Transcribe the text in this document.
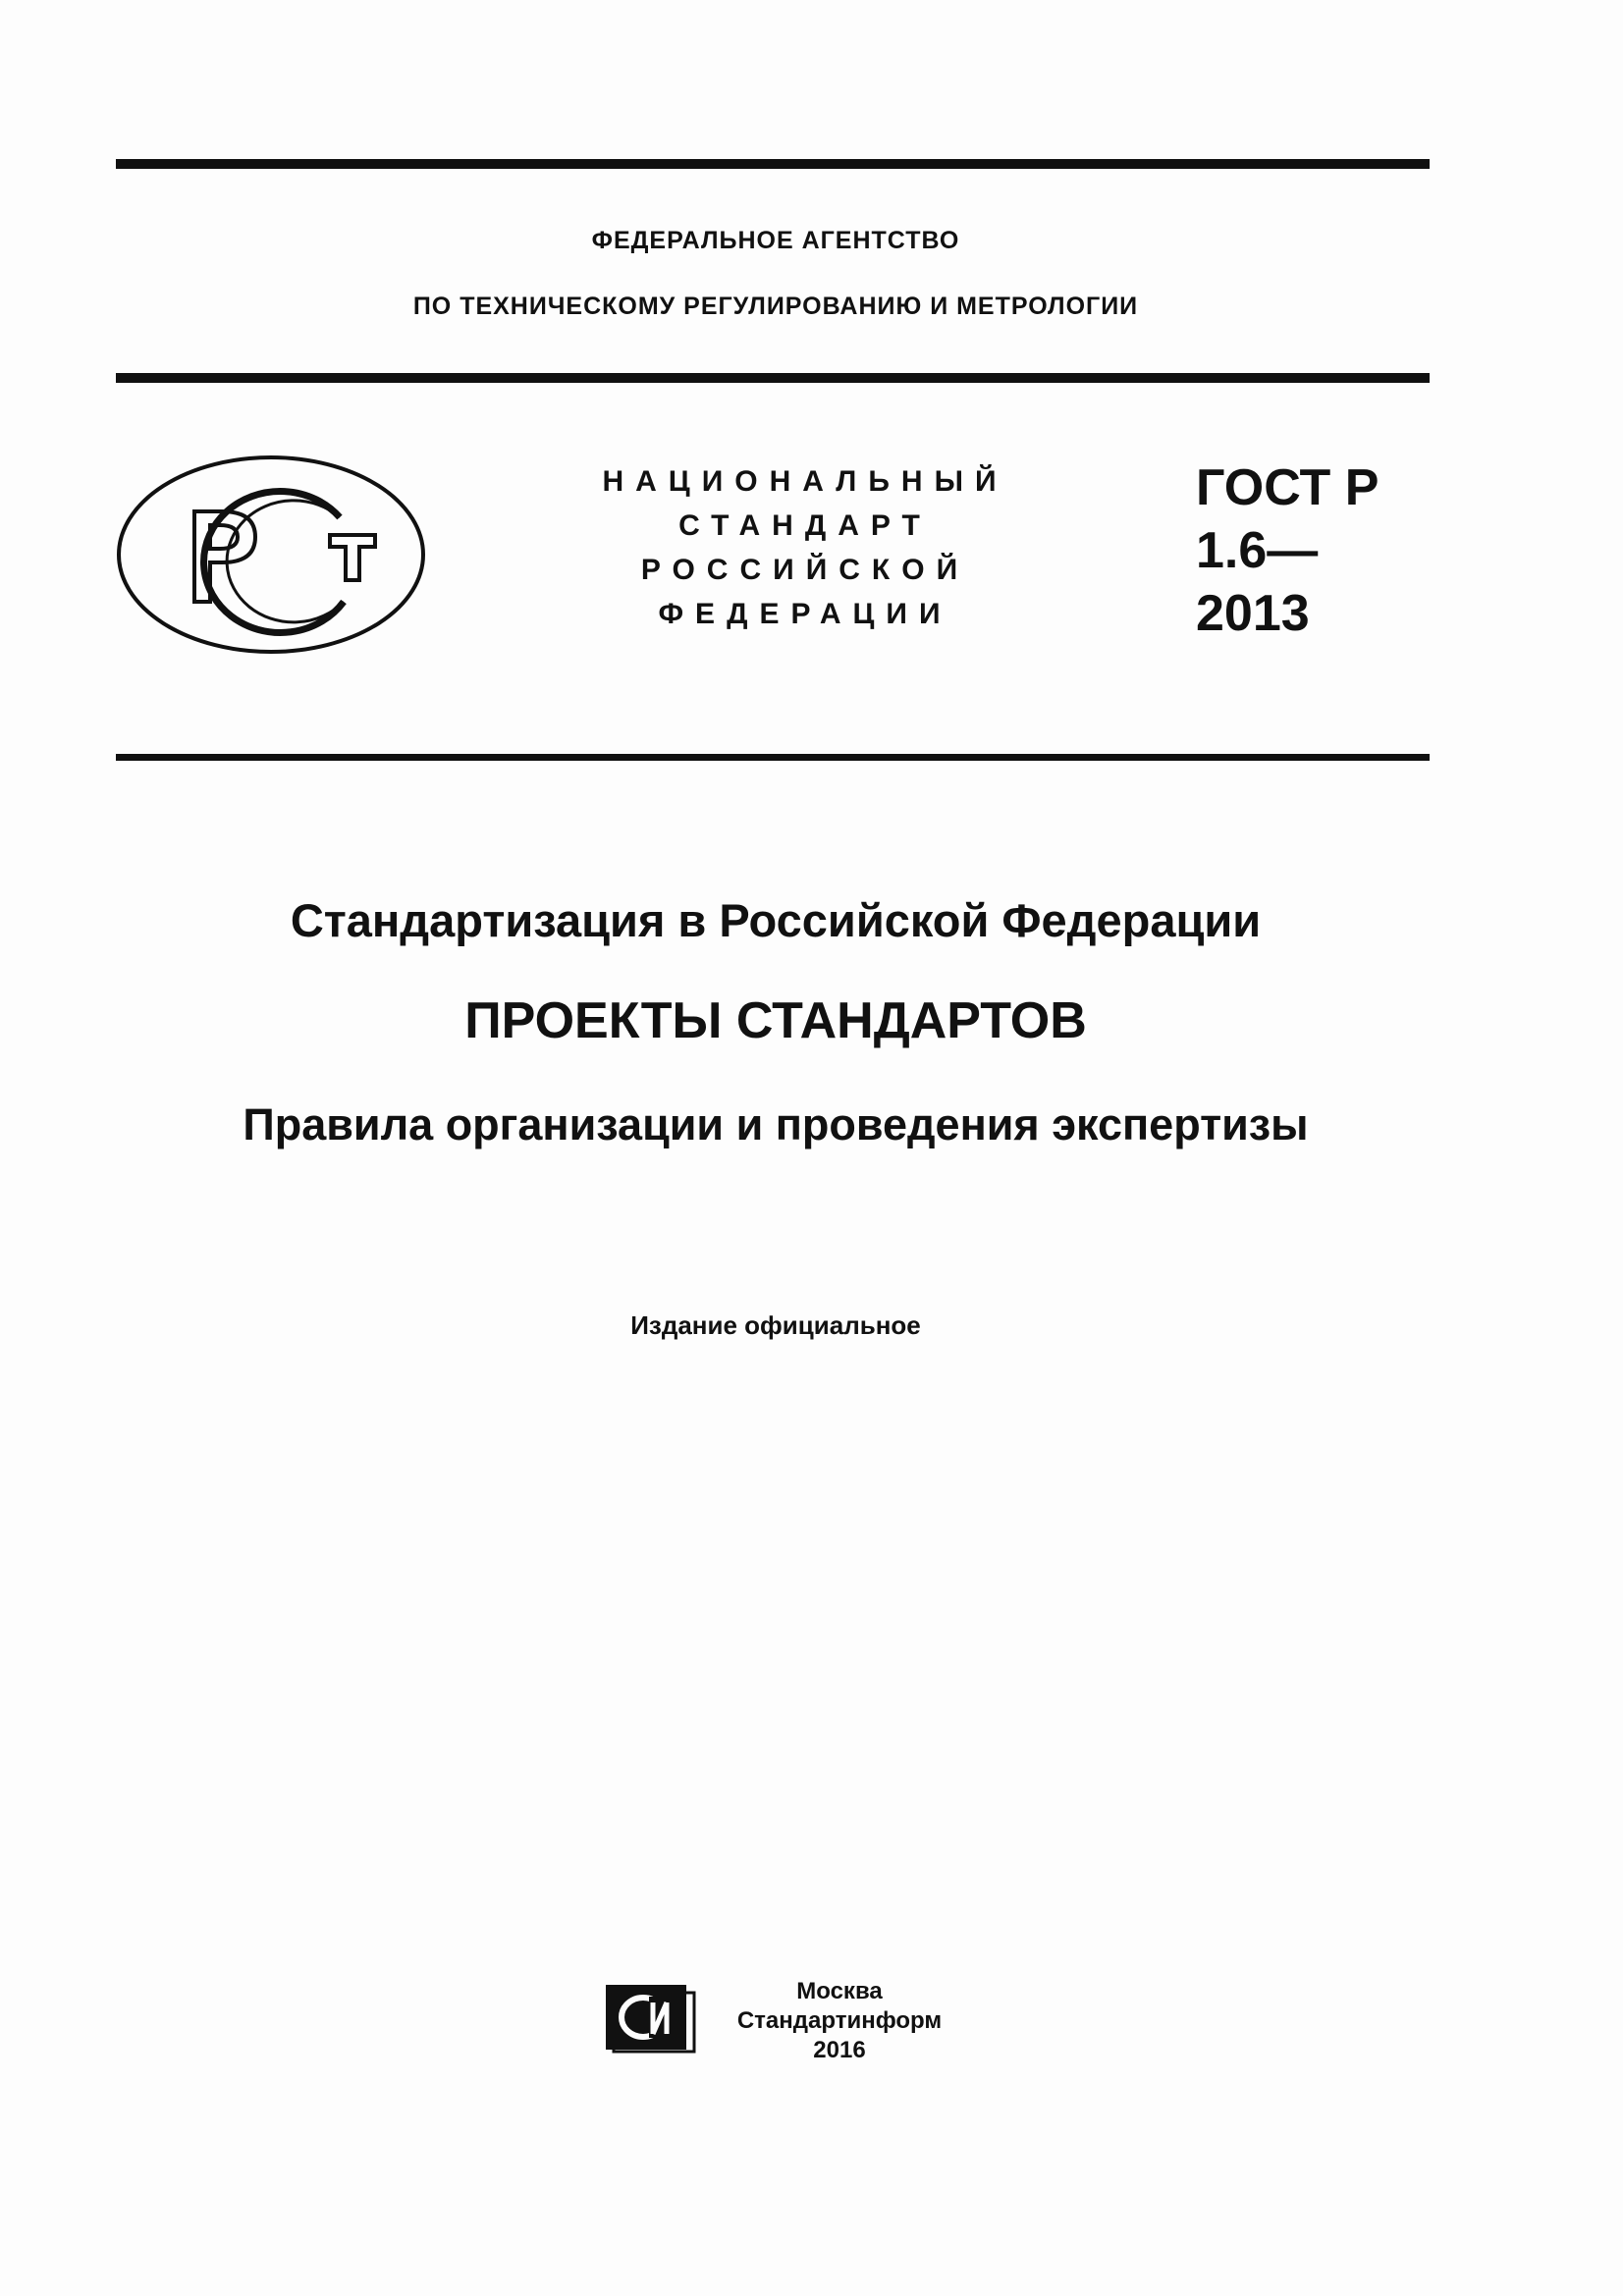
ФЕДЕРАЛЬНОЕ АГЕНТСТВО
ПО ТЕХНИЧЕСКОМУ РЕГУЛИРОВАНИЮ И МЕТРОЛОГИИ
НАЦИОНАЛЬНЫЙ
СТАНДАРТ
РОССИЙСКОЙ
ФЕДЕРАЦИИ
ГОСТ Р
1.6—
2013
Стандартизация в Российской Федерации
ПРОЕКТЫ СТАНДАРТОВ
Правила организации и проведения экспертизы
Издание официальное
Москва
Стандартинформ
2016
